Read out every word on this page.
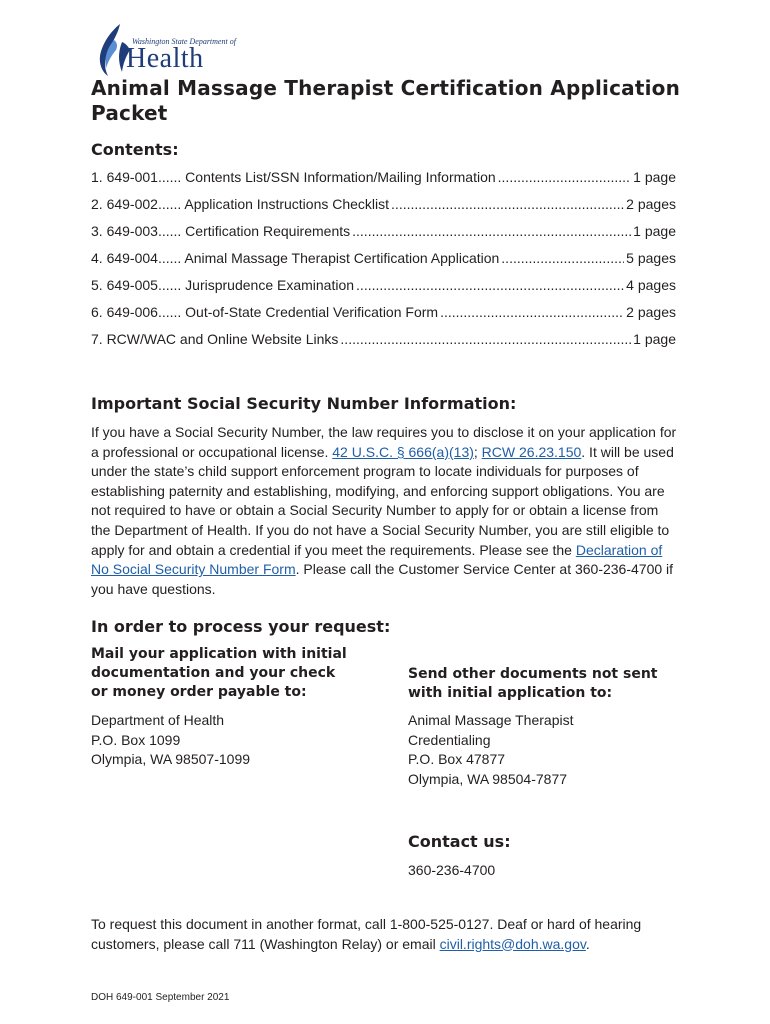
Washington State Department of
Health
Animal Massage Therapist Certification Application Packet
Contents:
1. 649-001...... Contents List/SSN Information/Mailing Information .....	1 page
2. 649-002...... Application Instructions Checklist .....	2 pages
3. 649-003...... Certification Requirements .....	1 page
4. 649-004...... Animal Massage Therapist Certification Application .....	5 pages
5. 649-005...... Jurisprudence Examination .....	4 pages
6. 649-006...... Out-of-State Credential Verification Form .....	2 pages
7. RCW/WAC and Online Website Links .....	1 page
Important Social Security Number Information:

If you have a Social Security Number, the law requires you to disclose it on your application for a professional or occupational license. 42 U.S.C. § 666(a)(13); RCW 26.23.150. It will be used under the state’s child support enforcement program to locate individuals for purposes of establishing paternity and establishing, modifying, and enforcing support obligations. You are not required to have or obtain a Social Security Number to apply for or obtain a license from the Department of Health. If you do not have a Social Security Number, you are still eligible to apply for and obtain a credential if you meet the requirements. Please see the Declaration of No Social Security Number Form. Please call the Customer Service Center at 360-236-4700 if you have questions.

In order to process your request:
Mail your application with initial
documentation and your check
or money order payable to:
Department of Health
P.O. Box 1099
Olympia, WA 98507-1099
Send other documents not sent
with initial application to:
Animal Massage Therapist
Credentialing
P.O. Box 47877
Olympia, WA 98504-7877
Contact us:
360-236-4700

To request this document in another format, call 1-800-525-0127. Deaf or hard of hearing customers, please call 711 (Washington Relay) or email civil.rights@doh.wa.gov.

DOH 649-001 September 2021
